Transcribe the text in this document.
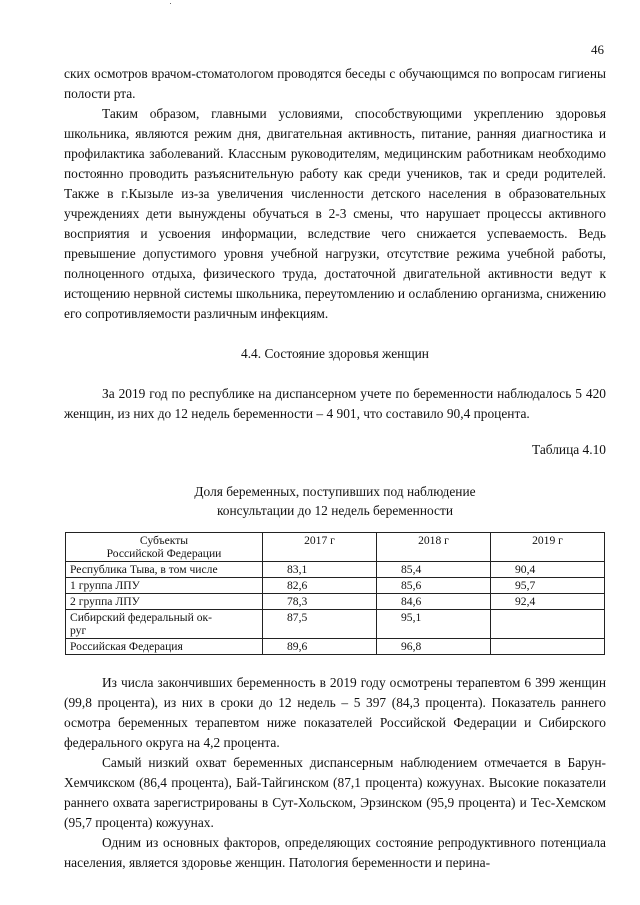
46

ских осмотров врачом-стоматологом проводятся беседы с обучающимся по вопросам гигиены полости рта.

Таким образом, главными условиями, способствующими укреплению здоровья школьника, являются режим дня, двигательная активность, питание, ранняя диагностика и профилактика заболеваний. Классным руководителям, медицинским работникам необходимо постоянно проводить разъяснительную работу как среди учеников, так и среди родителей. Также в г.Кызыле из-за увеличения численности детского населения в образовательных учреждениях дети вынуждены обучаться в 2-3 смены, что нарушает процессы активного восприятия и усвоения информации, вследствие чего снижается успеваемость. Ведь превышение допустимого уровня учебной нагрузки, отсутствие режима учебной работы, полноценного отдыха, физического труда, достаточной двигательной активности ведут к истощению нервной системы школьника, переутомлению и ослаблению организма, снижению его сопротивляемости различным инфекциям.

4.4. Состояние здоровья женщин

За 2019 год по республике на диспансерном учете по беременности наблюдалось 5 420 женщин, из них до 12 недель беременности – 4 901, что составило 90,4 процента.

Таблица 4.10

Доля беременных, поступивших под наблюдение
консультации до 12 недель беременности

Субъекты
Российской Федерации	2017 г	2018 г	2019 г
Республика Тыва, в том числе	83,1	85,4	90,4
1 группа ЛПУ	82,6	85,6	95,7
2 группа ЛПУ	78,3	84,6	92,4
Сибирский федеральный ок-
руг	87,5	95,1	
Российская Федерация	89,6	96,8	

Из числа закончивших беременность в 2019 году осмотрены терапевтом 6 399 женщин (99,8 процента), из них в сроки до 12 недель – 5 397 (84,3 процента). Показатель раннего осмотра беременных терапевтом ниже показателей Российской Федерации и Сибирского федерального округа на 4,2 процента.

Самый низкий охват беременных диспансерным наблюдением отмечается в Барун-Хемчикском (86,4 процента), Бай-Тайгинском (87,1 процента) кожуунах. Высокие показатели раннего охвата зарегистрированы в Сут-Хольском, Эрзинском (95,9 процента) и Тес-Хемском (95,7 процента) кожуунах.

Одним из основных факторов, определяющих состояние репродуктивного потенциала населения, является здоровье женщин. Патология беременности и перина-
